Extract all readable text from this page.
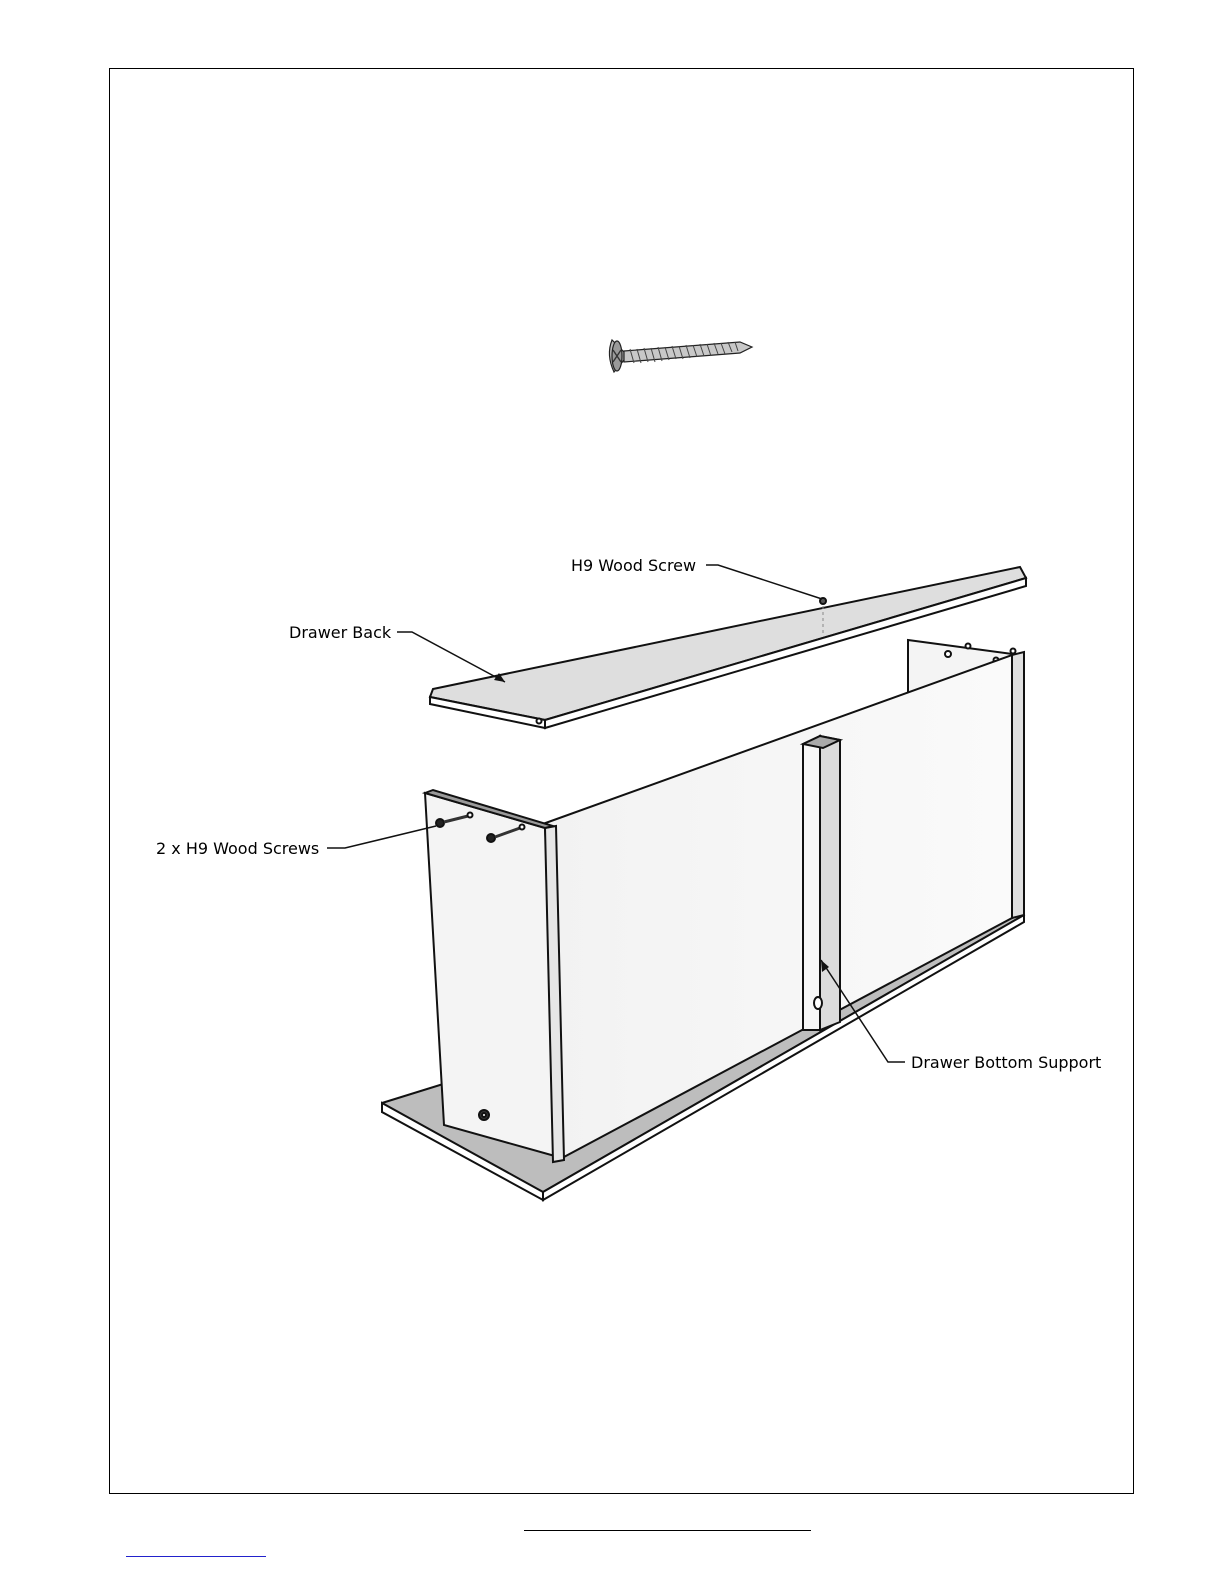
H9 Wood Screw
Drawer Back
2 x H9 Wood Screws
Drawer Bottom Support
